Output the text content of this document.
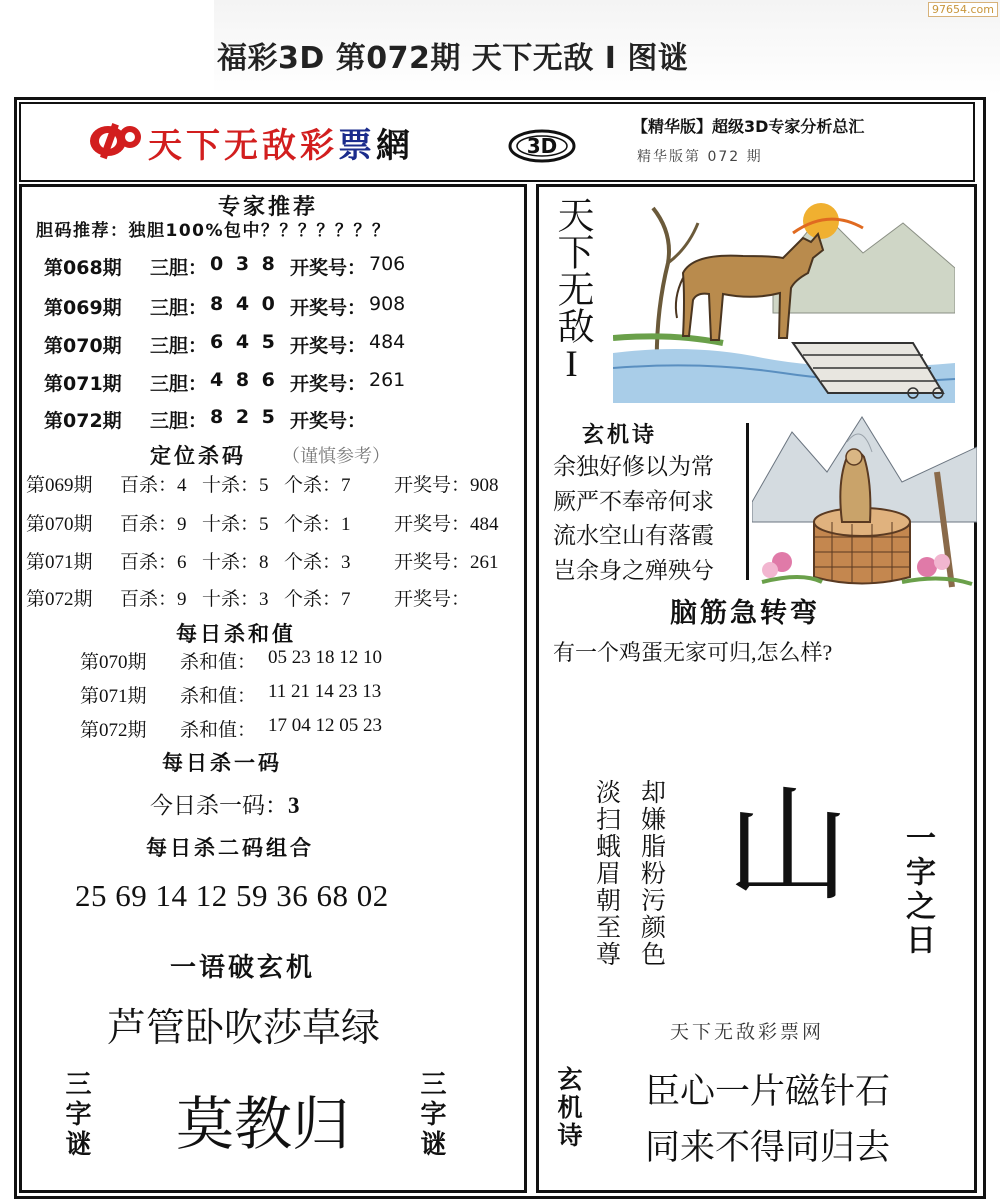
福彩3D 第072期 天下无敌 I 图谜
97654.com
天下无敌彩票網	3D
【精华版】超级3D专家分析总汇
精华版第 072 期
专家推荐
胆码推荐：独胆100%包中？？？？？？？
第068期 三胆： 0 3 8 开奖号： 706
第069期 三胆： 8 4 0 开奖号： 908
第070期 三胆： 6 4 5 开奖号： 484
第071期 三胆： 4 8 6 开奖号： 261
第072期 三胆： 8 2 5 开奖号：
定位杀码 （谨慎参考）
第069期 百杀：4 十杀：5 个杀：7 开奖号：908
第070期 百杀：9 十杀：5 个杀：1 开奖号：484
第071期 百杀：6 十杀：8 个杀：3 开奖号：261
第072期 百杀：9 十杀：3 个杀：7 开奖号：
每日杀和值
第070期 杀和值： 05 23 18 12 10
第071期 杀和值： 11 21 14 23 13
第072期 杀和值： 17 04 12 05 23
每日杀一码
今日杀一码：3
每日杀二码组合
25 69 14 12 59 36 68 02
一语破玄机
芦管卧吹莎草绿
三字谜 莫教归	三字谜
天下无敌I
玄机诗
余独好修以为常
厥严不奉帝何求
流水空山有落霞
岂余身之殚殃兮
脑筋急转弯
有一个鸡蛋无家可归,怎么样?
淡扫蛾眉朝至尊 却嫌脂粉污颜色 山 一字之日
天下无敌彩票网
玄机诗 臣心一片磁针石
同来不得同归去
